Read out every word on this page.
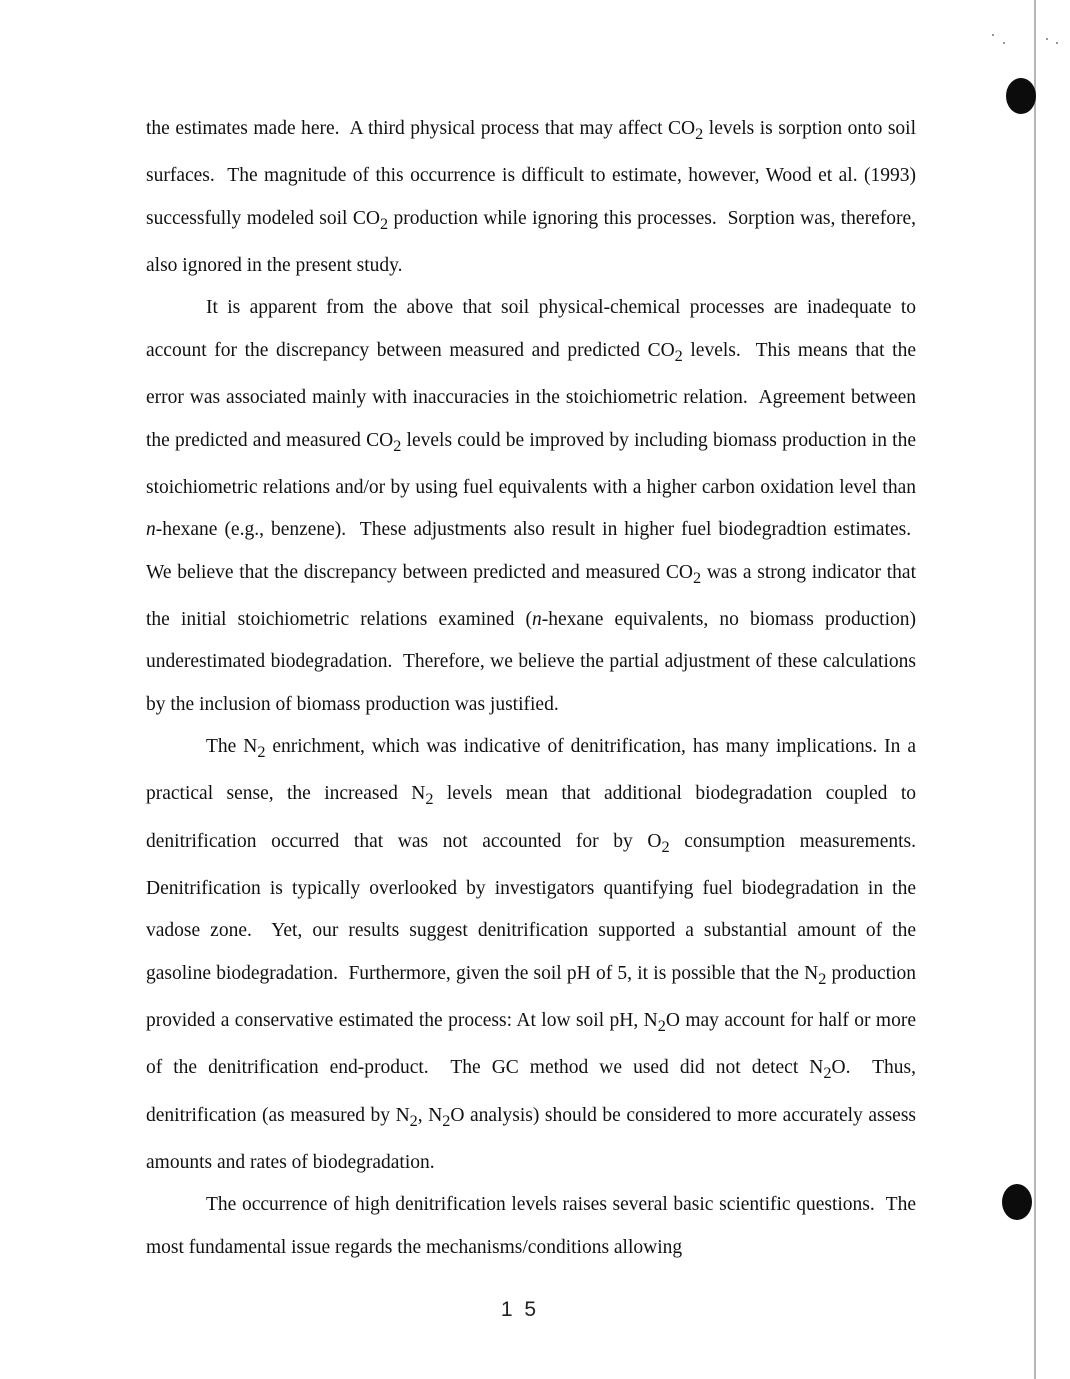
the estimates made here.  A third physical process that may affect $CO_2$ levels is sorption onto soil surfaces.  The magnitude of this occurrence is difficult to estimate, however, Wood et al. (1993) successfully modeled soil $CO_2$ production while ignoring this processes.  Sorption was, therefore, also ignored in the present study.

It is apparent from the above that soil physical-chemical processes are inadequate to account for the discrepancy between measured and predicted $CO_2$ levels.  This means that the error was associated mainly with inaccuracies in the stoichiometric relation.  Agreement between the predicted and measured $CO_2$ levels could be improved by including biomass production in the stoichiometric relations and/or by using fuel equivalents with a higher carbon oxidation level than n-hexane (e.g., benzene).  These adjustments also result in higher fuel biodegradtion estimates.  We believe that the discrepancy between predicted and measured $CO_2$ was a strong indicator that the initial stoichiometric relations examined (n-hexane equivalents, no biomass production) underestimated biodegradation.  Therefore, we believe the partial adjustment of these calculations by the inclusion of biomass production was justified.

The $N_2$ enrichment, which was indicative of denitrification, has many implications. In a practical sense, the increased $N_2$ levels mean that additional biodegradation coupled to denitrification occurred that was not accounted for by $O_2$ consumption measurements. Denitrification is typically overlooked by investigators quantifying fuel biodegradation in the vadose zone.  Yet, our results suggest denitrification supported a substantial amount of the gasoline biodegradation.  Furthermore, given the soil pH of 5, it is possible that the $N_2$ production provided a conservative estimated the process: At low soil pH, $N_2O$ may account for half or more of the denitrification end-product.  The GC method we used did not detect $N_2O$.  Thus, denitrification (as measured by $N_2$, $N_2O$ analysis) should be considered to more accurately assess amounts and rates of biodegradation.

The occurrence of high denitrification levels raises several basic scientific questions.  The most fundamental issue regards the mechanisms/conditions allowing

1 5
